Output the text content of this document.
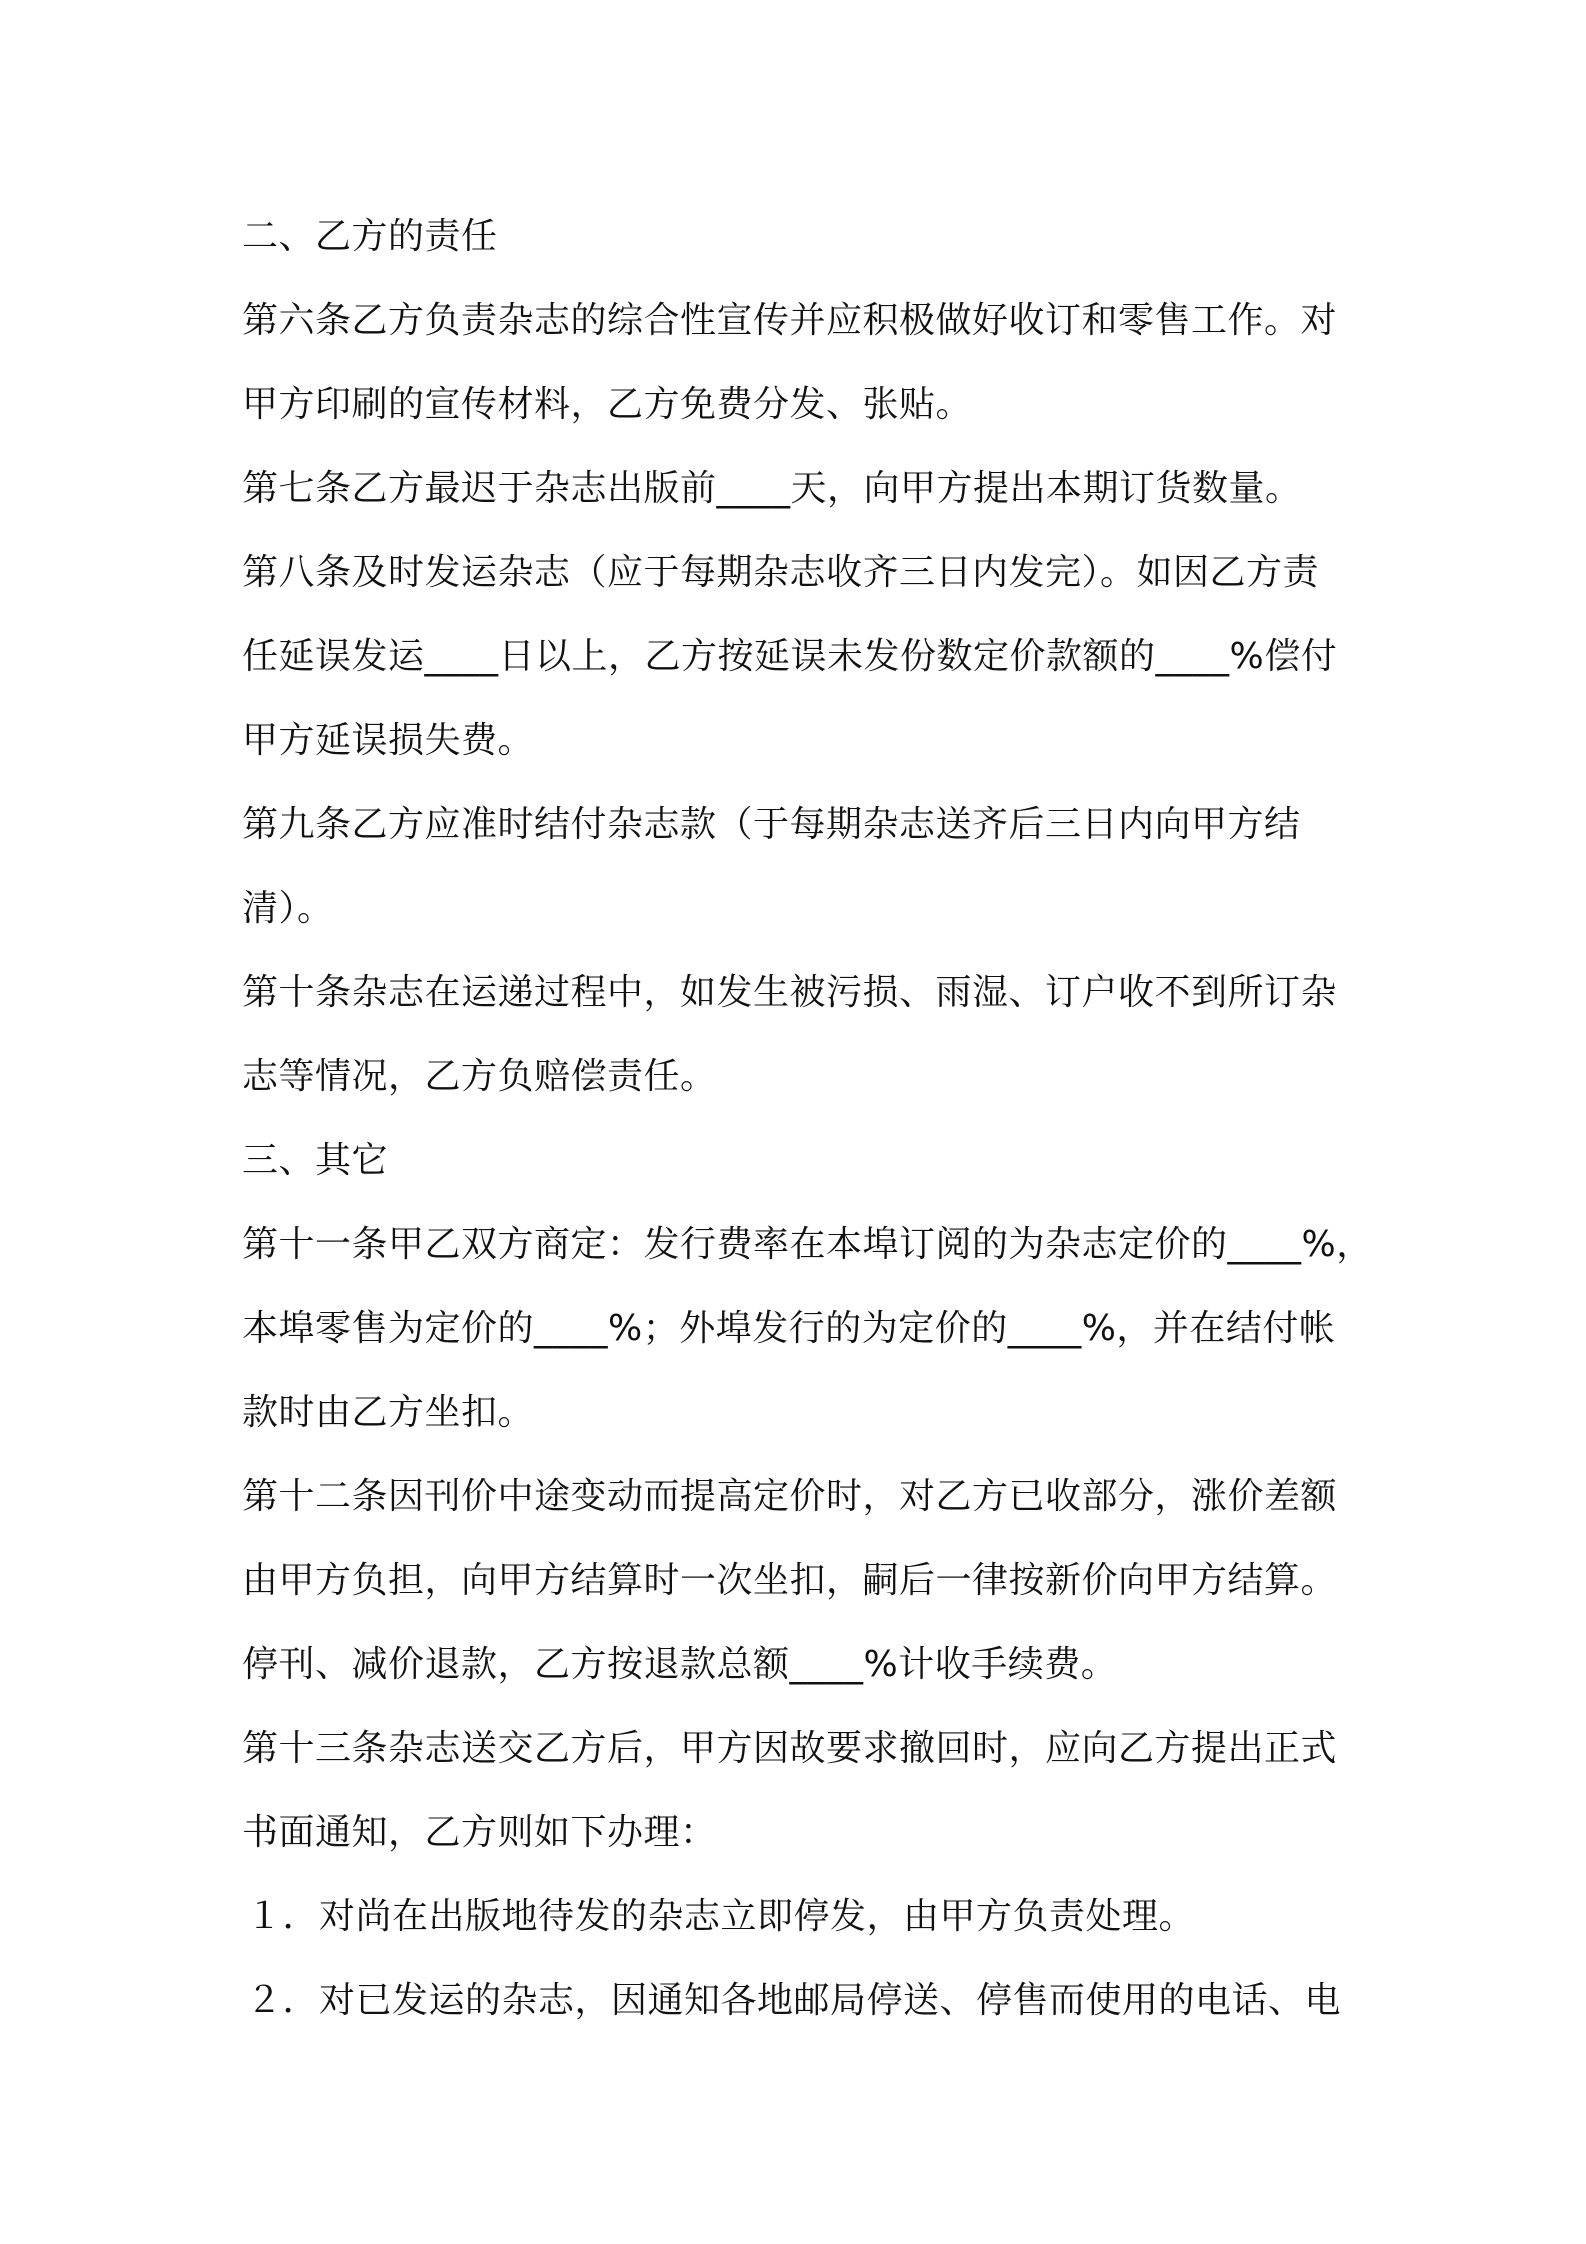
二、乙方的责任
第六条乙方负责杂志的综合性宣传并应积极做好收订和零售工作。对
甲方印刷的宣传材料，乙方免费分发、张贴。
第七条乙方最迟于杂志出版前____天，向甲方提出本期订货数量。
第八条及时发运杂志（应于每期杂志收齐三日内发完）。如因乙方责
任延误发运____日以上，乙方按延误未发份数定价款额的____%偿付
甲方延误损失费。
第九条乙方应准时结付杂志款（于每期杂志送齐后三日内向甲方结
清）。
第十条杂志在运递过程中，如发生被污损、雨湿、订户收不到所订杂
志等情况，乙方负赔偿责任。
三、其它
第十一条甲乙双方商定：发行费率在本埠订阅的为杂志定价的____%，
本埠零售为定价的____%；外埠发行的为定价的____%，并在结付帐
款时由乙方坐扣。
第十二条因刊价中途变动而提高定价时，对乙方已收部分，涨价差额
由甲方负担，向甲方结算时一次坐扣，嗣后一律按新价向甲方结算。
停刊、减价退款，乙方按退款总额____%计收手续费。
第十三条杂志送交乙方后，甲方因故要求撤回时，应向乙方提出正式
书面通知，乙方则如下办理：
１．对尚在出版地待发的杂志立即停发，由甲方负责处理。
２．对已发运的杂志，因通知各地邮局停送、停售而使用的电话、电
